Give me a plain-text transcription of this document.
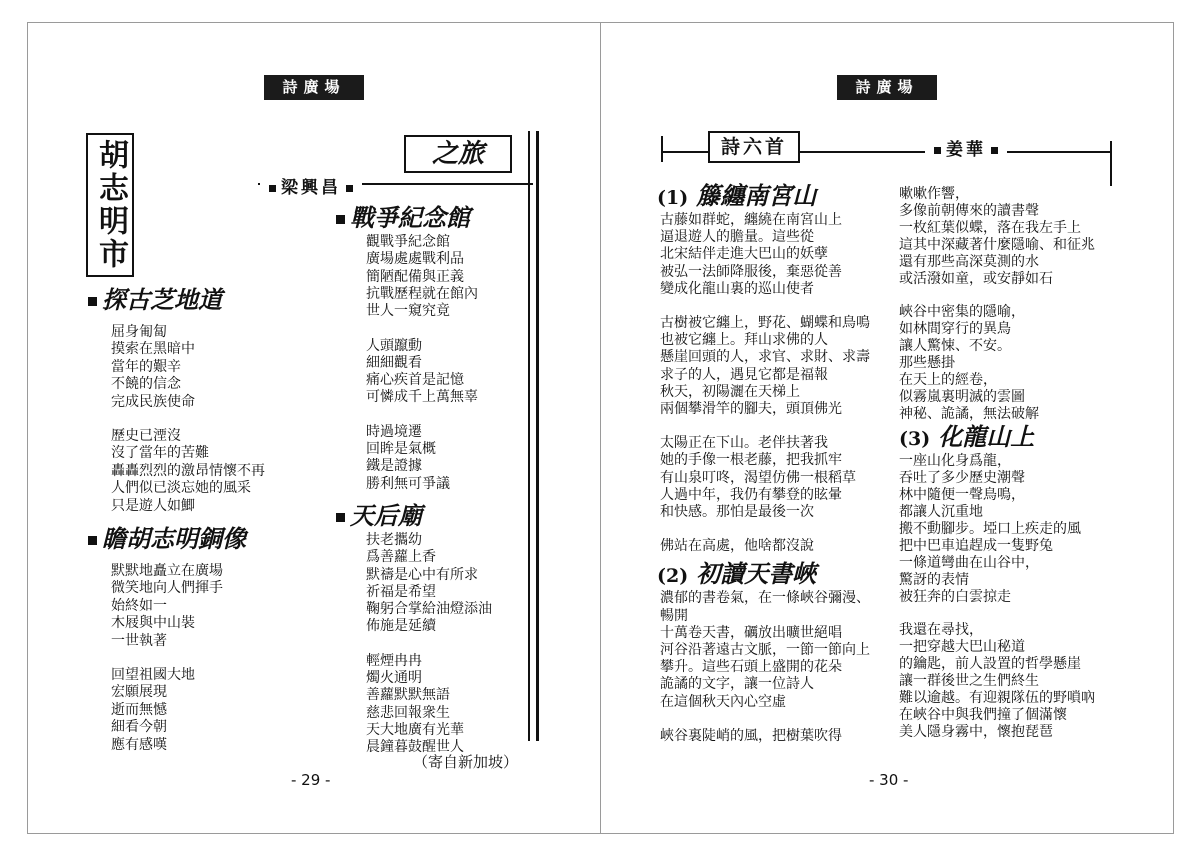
詩廣場
胡志明市	之旅
梁興昌
探古芝地道
屈身匍匐
摸索在黑暗中
當年的艱辛
不饒的信念
完成民族使命
歷史已湮沒
沒了當年的苦難
轟轟烈烈的激昂情懷不再
人們似已淡忘她的風采
只是遊人如鯽
瞻胡志明銅像
默默地矗立在廣場
微笑地向人們揮手
始終如一
木屐與中山裝
一世執著
回望祖國大地
宏願展現
逝而無憾
細看今朝
應有感嘆
戰爭紀念館
觀戰爭紀念館
廣場處處戰利品
簡陋配備與正義
抗戰歷程就在館內
世人一窺究竟
人頭躥動
細細觀看
痛心疾首是記憶
可憐成千上萬無辜
時過境遷
回眸是氣概
鐵是證據
勝利無可爭議
天后廟
扶老攜幼
爲善蘿上香
默禱是心中有所求
祈福是希望
鞠躬合掌給油燈添油
佈施是延續
輕煙冉冉
燭火通明
善蘿默默無語
慈悲回報衆生
天大地廣有光華
晨鐘暮鼓醒世人
（寄自新加坡）
- 29 -
詩廣場
詩六首	姜華
(1) 籐纏南宮山
古藤如群蛇，纏繞在南宮山上
逼退遊人的膽量。這些從
北宋結伴走進大巴山的妖孽
被弘一法師降服後，棄惡從善
變成化龍山裏的巡山使者
古樹被它纏上，野花、蝴蝶和鳥鳴
也被它纏上。拜山求佛的人
懸崖回頭的人，求官、求財、求壽
求子的人，遇見它都是福報
秋天，初陽灑在天梯上
兩個攀滑竿的腳夫，頭頂佛光
太陽正在下山。老伴扶著我
她的手像一根老藤，把我抓牢
有山泉叮咚，渴望仿佛一根稻草
人過中年，我仍有攀登的眩暈
和快感。那怕是最後一次
佛站在高處，他啥都沒說
(2) 初讀天書峽
濃郁的書卷氣，在一條峽谷彌漫、
暢開
十萬卷天書，礪放出曠世絕唱
河谷沿著遠古文脈，一節一節向上
攀升。這些石頭上盛開的花朵
詭譎的文字，讓一位詩人
在這個秋天內心空虛
峽谷裏陡峭的風，把樹葉吹得
嗽嗽作響，
多像前朝傳來的讀書聲
一枚紅葉似蝶，落在我左手上
這其中深藏著什麼隱喻、和征兆
還有那些高深莫測的水
或活潑如童，或安靜如石
峽谷中密集的隱喻，
如林間穿行的異鳥
讓人驚悚、不安。
那些懸掛
在天上的經卷，
似霧嵐裏明滅的雲圖
神秘、詭譎，無法破解
(3) 化龍山上
一座山化身爲龍，
吞吐了多少歷史潮聲
林中隨便一聲鳥鳴，
都讓人沉重地
搬不動腳步。埡口上疾走的風
把中巴車追趕成一隻野兔
一條道彎曲在山谷中，
驚訝的表情
被狂奔的白雲掠走
我還在尋找，
一把穿越大巴山秘道
的鑰匙，前人設置的哲學懸崖
讓一群後世之生們終生
難以逾越。有迎親隊伍的野嗩吶
在峽谷中與我們撞了個滿懷
美人隱身霧中，懷抱琵琶
- 30 -
